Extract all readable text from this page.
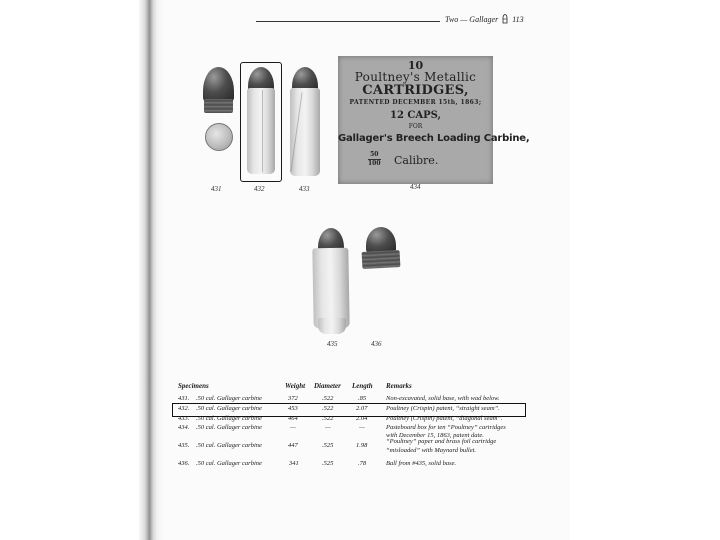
Two — Gallager 113
431	432	433
10
Poultney's Metallic
CARTRIDGES,
PATENTED DECEMBER 15th, 1863;
12 CAPS,
FOR
Gallager's Breech Loading Carbine,
50
100 Calibre.
434
435	436
Specimens	Weight Diameter Length Remarks
431. .50 cal. Gallager carbine	372	.522	.85	Non-excavated, solid base, with wad below.
432. .50 cal. Gallager carbine	453	.522	2.07	Poultney (Crispin) patent, “straight seam”.
433. .50 cal. Gallager carbine	464	.522	2.04	Poultney (Crispin) patent, “diagonal seam”.
434. .50 cal. Gallager carbine	—	—	—	Pasteboard box for ten “Poultney” cartridges
with December 15, 1863, patent date.
435. .50 cal. Gallager carbine	447	.525	1.98
“Poultney” paper and brass foil cartridge
“misloaded” with Maynard bullet.
436. .50 cal. Gallager carbine	341	.525	.78	Ball from #435, solid base.
